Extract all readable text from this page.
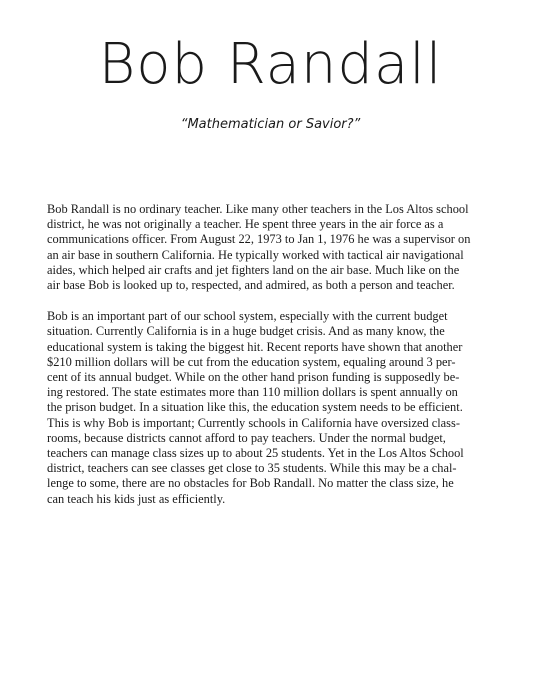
Bob Randall
“Mathematician or Savior?”

Bob Randall is no ordinary teacher. Like many other teachers in the Los Altos school
district, he was not originally a teacher. He spent three years in the air force as a
communications officer. From August 22, 1973 to Jan 1, 1976 he was a supervisor on
an air base in southern California. He typically worked with tactical air navigational
aides, which helped air crafts and jet fighters land on the air base. Much like on the
air base Bob is looked up to, respected, and admired, as both a person and teacher.

Bob is an important part of our school system, especially with the current budget
situation. Currently California is in a huge budget crisis. And as many know, the
educational system is taking the biggest hit. Recent reports have shown that another
$210 million dollars will be cut from the education system, equaling around 3 per-
cent of its annual budget. While on the other hand prison funding is supposedly be-
ing restored. The state estimates more than 110 million dollars is spent annually on
the prison budget. In a situation like this, the education system needs to be efficient.
This is why Bob is important; Currently schools in California have oversized class-
rooms, because districts cannot afford to pay teachers. Under the normal budget,
teachers can manage class sizes up to about 25 students. Yet in the Los Altos School
district, teachers can see classes get close to 35 students. While this may be a chal-
lenge to some, there are no obstacles for Bob Randall. No matter the class size, he
can teach his kids just as efficiently.
